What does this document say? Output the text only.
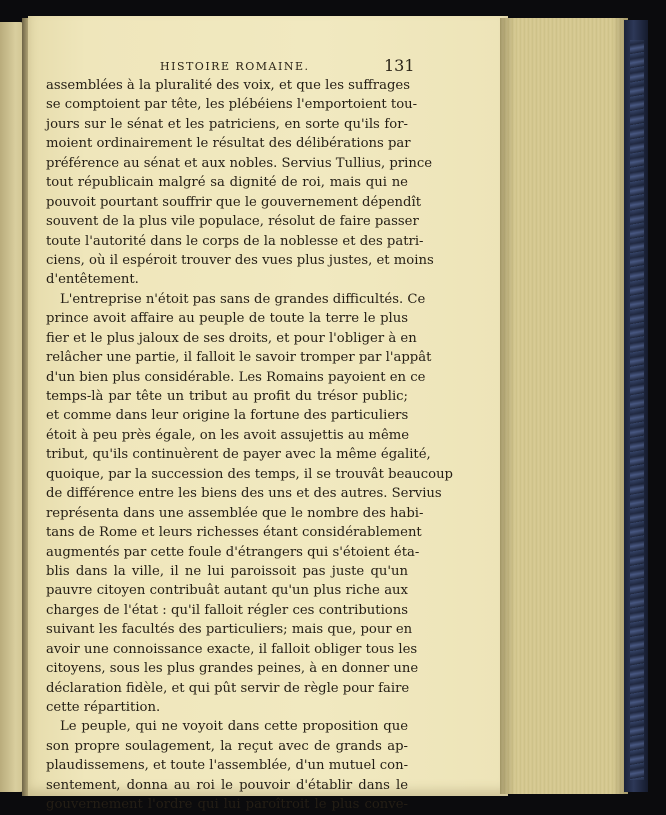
HISTOIRE ROMAINE.	131
assemblées à la pluralité des voix, et que les suffrages
se comptoient par tête, les plébéiens l'emportoient tou-
jours sur le sénat et les patriciens, en sorte qu'ils for-
moient ordinairement le résultat des délibérations par
préférence au sénat et aux nobles. Servius Tullius, prince
tout républicain malgré sa dignité de roi, mais qui ne
pouvoit pourtant souffrir que le gouvernement dépendît
souvent de la plus vile populace, résolut de faire passer
toute l'autorité dans le corps de la noblesse et des patri-
ciens, où il espéroit trouver des vues plus justes, et moins
d'entêtement.
L'entreprise n'étoit pas sans de grandes difficultés. Ce
prince avoit affaire au peuple de toute la terre le plus
fier et le plus jaloux de ses droits, et pour l'obliger à en
relâcher une partie, il falloit le savoir tromper par l'appât
d'un bien plus considérable. Les Romains payoient en ce
temps-là par tête un tribut au profit du trésor public;
et comme dans leur origine la fortune des particuliers
étoit à peu près égale, on les avoit assujettis au même
tribut, qu'ils continuèrent de payer avec la même égalité,
quoique, par la succession des temps, il se trouvât beaucoup
de différence entre les biens des uns et des autres. Servius
représenta dans une assemblée que le nombre des habi-
tans de Rome et leurs richesses étant considérablement
augmentés par cette foule d'étrangers qui s'étoient éta-
blis dans la ville, il ne lui paroissoit pas juste qu'un
pauvre citoyen contribuât autant qu'un plus riche aux
charges de l'état : qu'il falloit régler ces contributions
suivant les facultés des particuliers; mais que, pour en
avoir une connoissance exacte, il falloit obliger tous les
citoyens, sous les plus grandes peines, à en donner une
déclaration fidèle, et qui pût servir de règle pour faire
cette répartition.
Le peuple, qui ne voyoit dans cette proposition que
son propre soulagement, la reçut avec de grands ap-
plaudissemens, et toute l'assemblée, d'un mutuel con-
sentement, donna au roi le pouvoir d'établir dans le
gouvernement l'ordre qui lui paroîtroit le plus conve-
